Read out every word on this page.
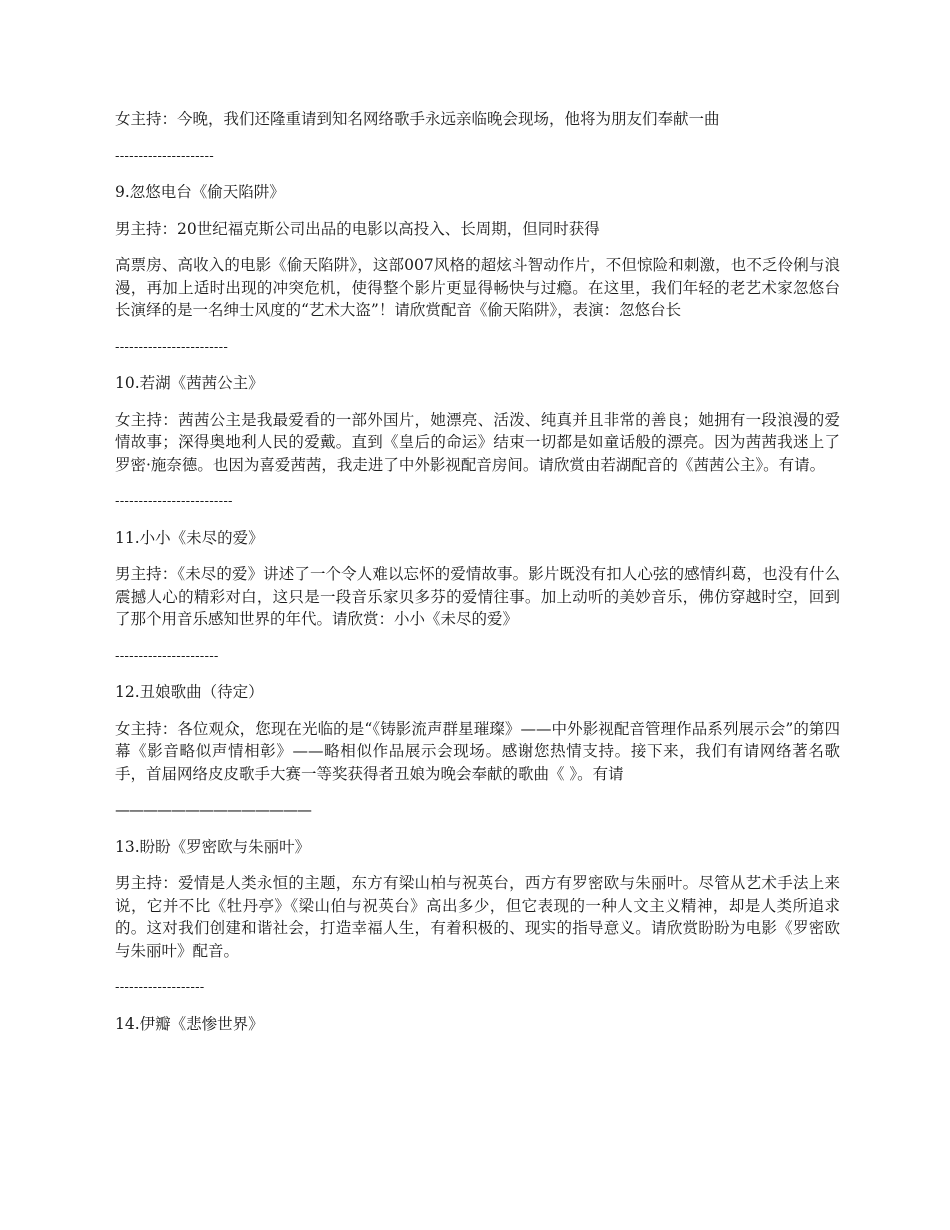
女主持：今晚，我们还隆重请到知名网络歌手永远亲临晚会现场，他将为朋友们奉献一曲

---------------------

9.忽悠电台《偷天陷阱》

男主持：20世纪福克斯公司出品的电影以高投入、长周期，但同时获得

高票房、高收入的电影《偷天陷阱》，这部007风格的超炫斗智动作片，不但惊险和刺激，也不乏伶俐与浪漫，再加上适时出现的冲突危机，使得整个影片更显得畅快与过瘾。在这里，我们年轻的老艺术家忽悠台长演绎的是一名绅士风度的“艺术大盗”！请欣赏配音《偷天陷阱》，表演：忽悠台长

------------------------

10.若湖《茜茜公主》

女主持：茜茜公主是我最爱看的一部外国片，她漂亮、活泼、纯真并且非常的善良；她拥有一段浪漫的爱情故事；深得奥地利人民的爱戴。直到《皇后的命运》结束一切都是如童话般的漂亮。因为茜茜我迷上了罗密·施奈德。也因为喜爱茜茜，我走进了中外影视配音房间。请欣赏由若湖配音的《茜茜公主》。有请。

-------------------------

11.小小《未尽的爱》

男主持：《未尽的爱》讲述了一个令人难以忘怀的爱情故事。影片既没有扣人心弦的感情纠葛，也没有什么震撼人心的精彩对白，这只是一段音乐家贝多芬的爱情往事。加上动听的美妙音乐，佛仿穿越时空，回到了那个用音乐感知世界的年代。请欣赏：小小《未尽的爱》

----------------------

12.丑娘歌曲（待定）

女主持：各位观众，您现在光临的是“《铸影流声群星璀璨》——中外影视配音管理作品系列展示会”的第四幕《影音略似声情相彰》——略相似作品展示会现场。感谢您热情支持。接下来，我们有请网络著名歌手，首届网络皮皮歌手大赛一等奖获得者丑娘为晚会奉献的歌曲《 》。有请

——————————————

13.盼盼《罗密欧与朱丽叶》

男主持：爱情是人类永恒的主题，东方有梁山柏与祝英台，西方有罗密欧与朱丽叶。尽管从艺术手法上来说，它并不比《牡丹亭》《梁山伯与祝英台》高出多少，但它表现的一种人文主义精神，却是人类所追求的。这对我们创建和谐社会，打造幸福人生，有着积极的、现实的指导意义。请欣赏盼盼为电影《罗密欧与朱丽叶》配音。

-------------------

14.伊瓣《悲惨世界》
